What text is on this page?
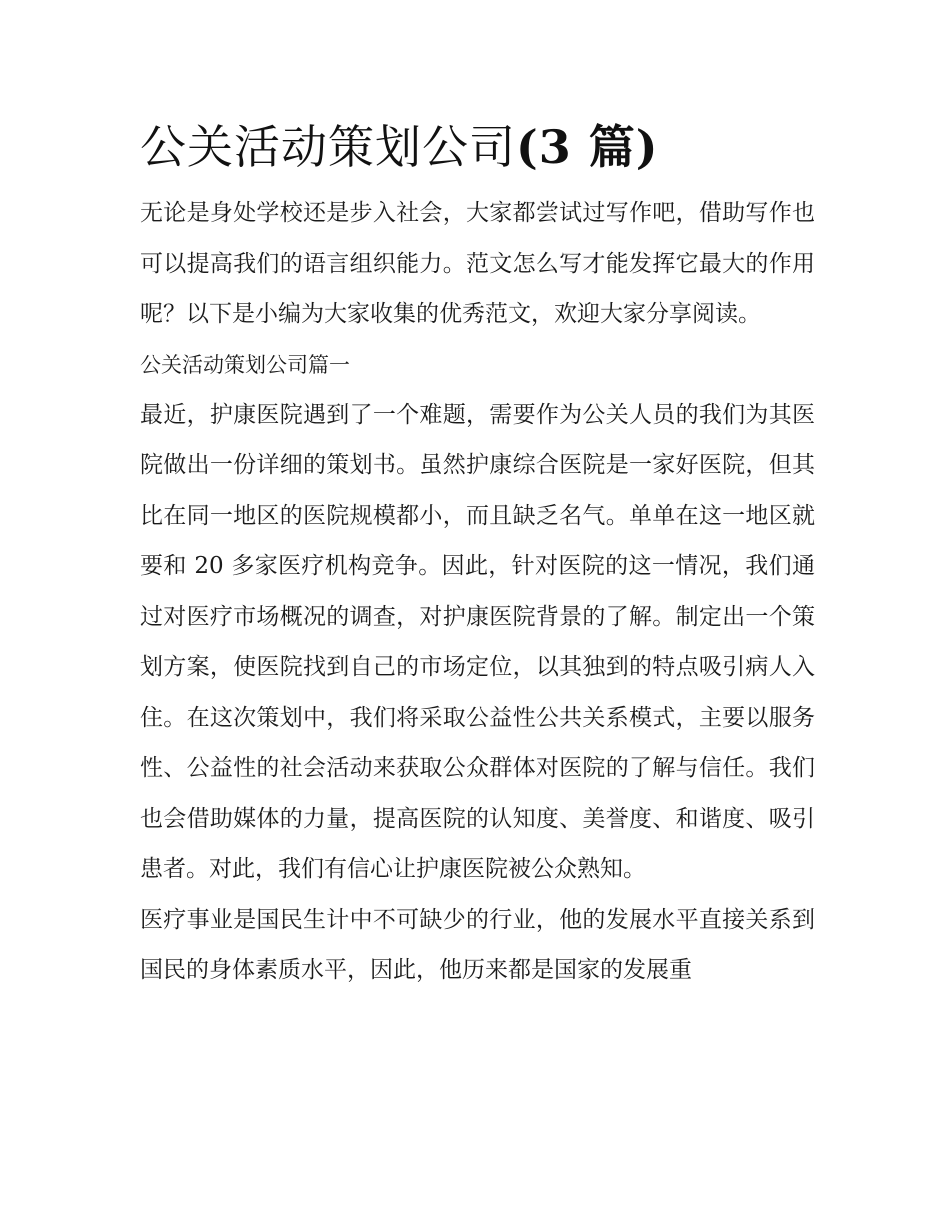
公关活动策划公司(3 篇)

无论是身处学校还是步入社会，大家都尝试过写作吧，借助写作也可以提高我们的语言组织能力。范文怎么写才能发挥它最大的作用呢？以下是小编为大家收集的优秀范文，欢迎大家分享阅读。

公关活动策划公司篇一

最近，护康医院遇到了一个难题，需要作为公关人员的我们为其医院做出一份详细的策划书。虽然护康综合医院是一家好医院，但其比在同一地区的医院规模都小，而且缺乏名气。单单在这一地区就要和 20 多家医疗机构竞争。因此，针对医院的这一情况，我们通过对医疗市场概况的调查，对护康医院背景的了解。制定出一个策划方案，使医院找到自己的市场定位，以其独到的特点吸引病人入住。在这次策划中，我们将采取公益性公共关系模式，主要以服务性、公益性的社会活动来获取公众群体对医院的了解与信任。我们也会借助媒体的力量，提高医院的认知度、美誉度、和谐度、吸引患者。对此，我们有信心让护康医院被公众熟知。

医疗事业是国民生计中不可缺少的行业，他的发展水平直接关系到国民的身体素质水平，因此，他历来都是国家的发展重
